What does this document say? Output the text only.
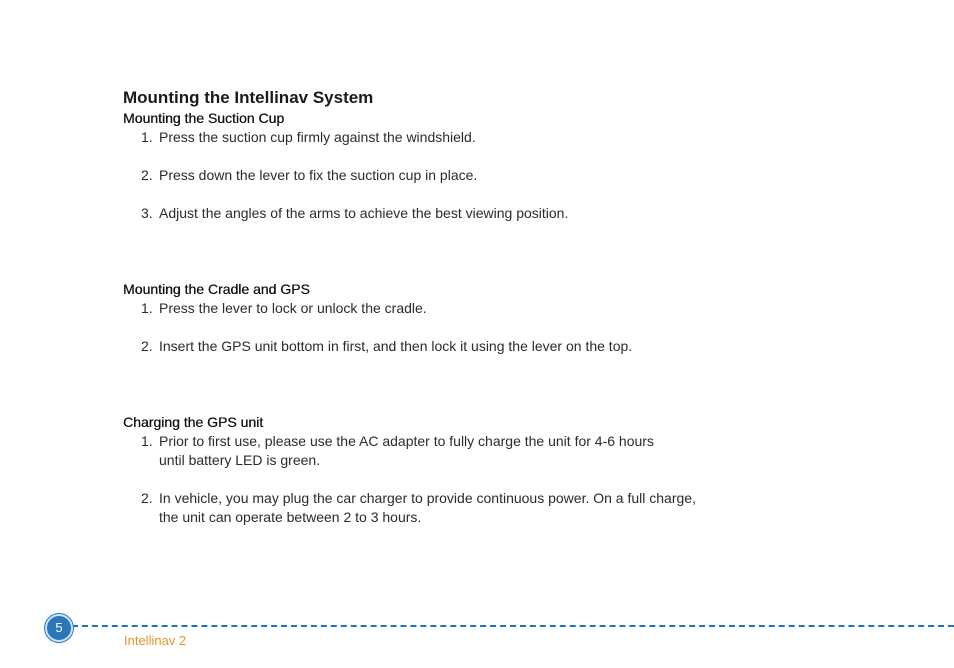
Mounting the Intellinav System
Mounting the Suction Cup
1. Press the suction cup firmly against the windshield.
2. Press down the lever to fix the suction cup in place.
3. Adjust the angles of the arms to achieve the best viewing position.
Mounting the Cradle and GPS
1. Press the lever to lock or unlock the cradle.
2. Insert the GPS unit bottom in first, and then lock it using the lever on the top.
Charging the GPS unit
1. Prior to first use, please use the AC adapter to fully charge the unit for 4-6 hours until battery LED is green.
2. In vehicle, you may plug the car charger to provide continuous power. On a full charge, the unit can operate between 2 to 3 hours.
5
Intellinav 2
